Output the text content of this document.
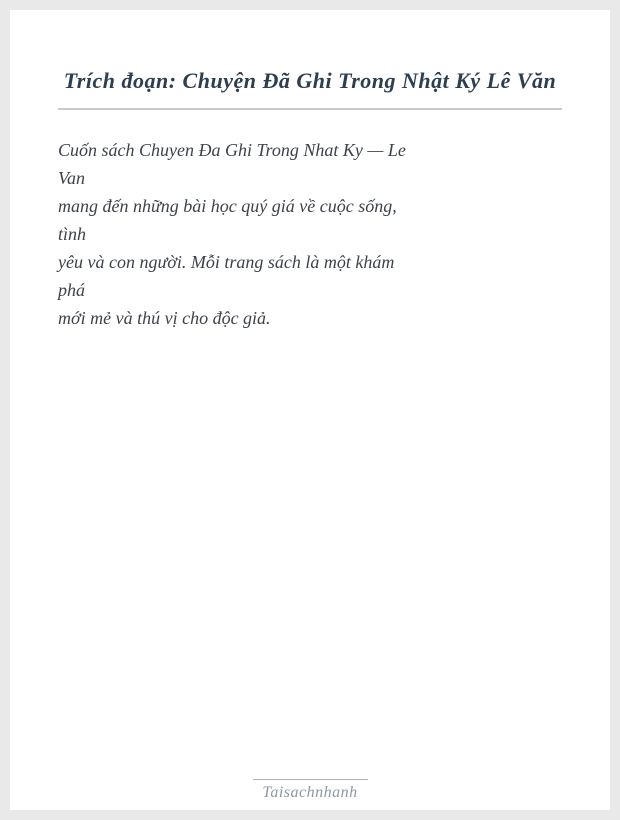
Trích đoạn: Chuyện Đã Ghi Trong Nhật Ký Lê Văn
Cuốn sách Chuyen Đa Ghi Trong Nhat Ky — Le
Van
mang đến những bài học quý giá về cuộc sống,
tình
yêu và con người. Mỗi trang sách là một khám
phá
mới mẻ và thú vị cho độc giả.
Taisachnhanh
